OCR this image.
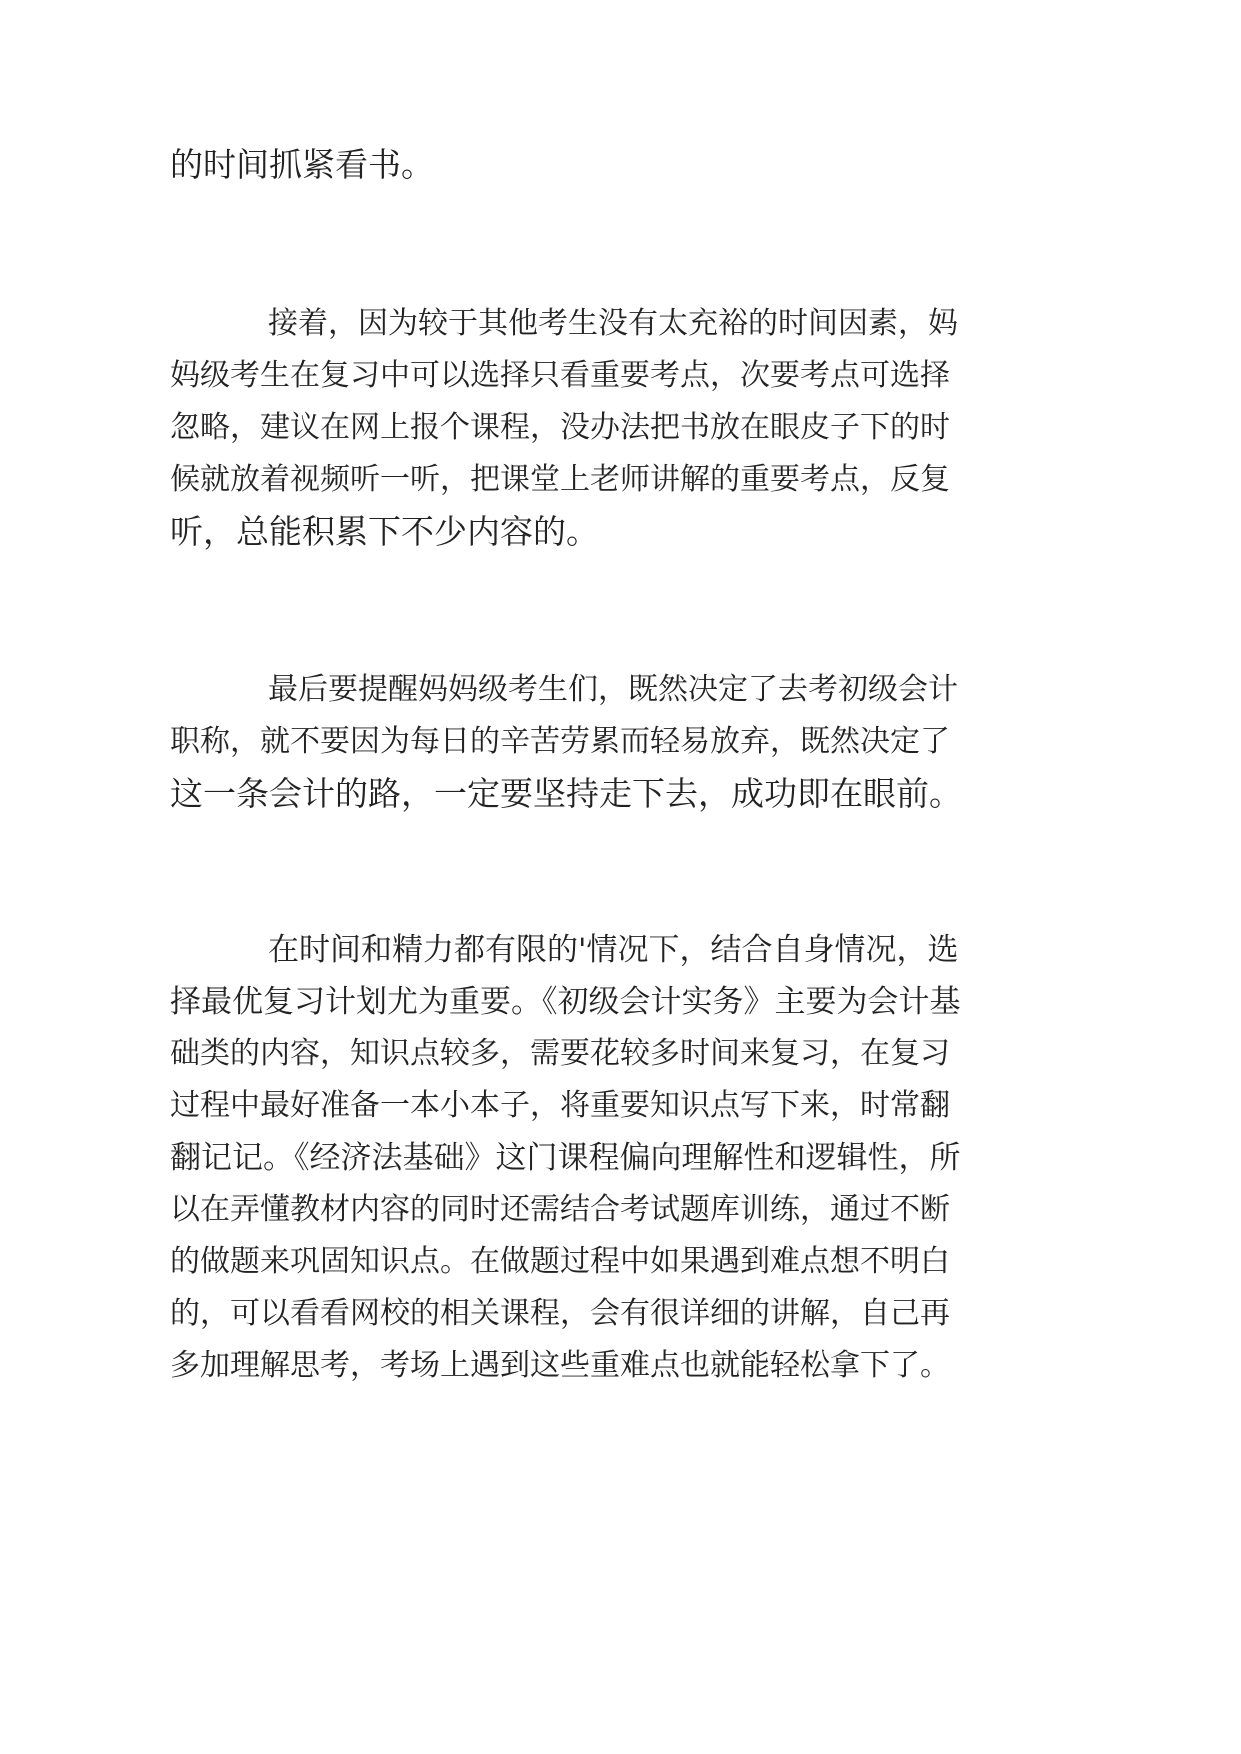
的时间抓紧看书。

接着，因为较于其他考生没有太充裕的时间因素，妈

妈级考生在复习中可以选择只看重要考点，次要考点可选择

忽略，建议在网上报个课程，没办法把书放在眼皮子下的时

候就放着视频听一听，把课堂上老师讲解的重要考点，反复

听，总能积累下不少内容的。

最后要提醒妈妈级考生们，既然决定了去考初级会计

职称，就不要因为每日的辛苦劳累而轻易放弃，既然决定了

这一条会计的路，一定要坚持走下去，成功即在眼前。

在时间和精力都有限的'情况下，结合自身情况，选

择最优复习计划尤为重要。《初级会计实务》主要为会计基

础类的内容，知识点较多，需要花较多时间来复习，在复习

过程中最好准备一本小本子，将重要知识点写下来，时常翻

翻记记。《经济法基础》这门课程偏向理解性和逻辑性，所

以在弄懂教材内容的同时还需结合考试题库训练，通过不断

的做题来巩固知识点。在做题过程中如果遇到难点想不明白

的，可以看看网校的相关课程，会有很详细的讲解，自己再

多加理解思考，考场上遇到这些重难点也就能轻松拿下了。
